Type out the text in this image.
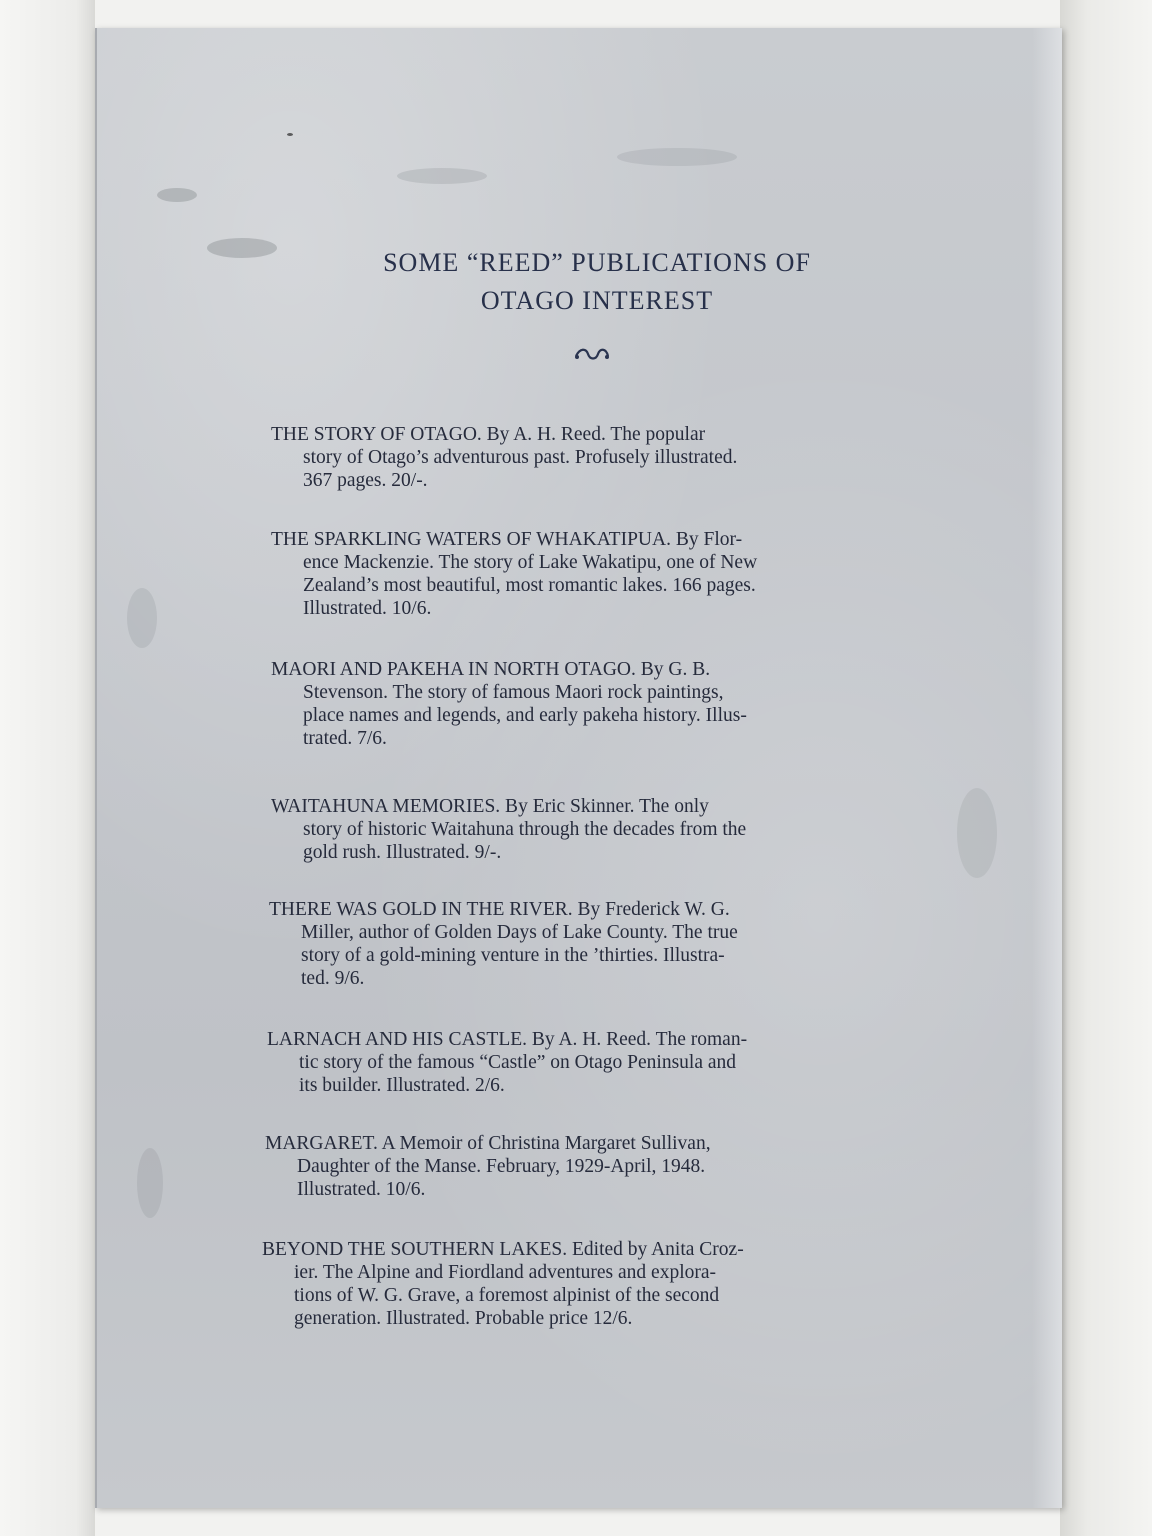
SOME “REED” PUBLICATIONS OF
OTAGO INTEREST
THE STORY OF OTAGO. By A. H. Reed. The popular
story of Otago’s adventurous past. Profusely illustrated.
367 pages. 20/-.
THE SPARKLING WATERS OF WHAKATIPUA. By Flor-
ence Mackenzie. The story of Lake Wakatipu, one of New
Zealand’s most beautiful, most romantic lakes. 166 pages.
Illustrated. 10/6.
MAORI AND PAKEHA IN NORTH OTAGO. By G. B.
Stevenson. The story of famous Maori rock paintings,
place names and legends, and early pakeha history. Illus-
trated. 7/6.
WAITAHUNA MEMORIES. By Eric Skinner. The only
story of historic Waitahuna through the decades from the
gold rush. Illustrated. 9/-.
THERE WAS GOLD IN THE RIVER. By Frederick W. G.
Miller, author of Golden Days of Lake County. The true
story of a gold-mining venture in the ’thirties. Illustra-
ted. 9/6.
LARNACH AND HIS CASTLE. By A. H. Reed. The roman-
tic story of the famous “Castle” on Otago Peninsula and
its builder. Illustrated. 2/6.
MARGARET. A Memoir of Christina Margaret Sullivan,
Daughter of the Manse. February, 1929-April, 1948.
Illustrated. 10/6.
BEYOND THE SOUTHERN LAKES. Edited by Anita Croz-
ier. The Alpine and Fiordland adventures and explora-
tions of W. G. Grave, a foremost alpinist of the second
generation. Illustrated. Probable price 12/6.
